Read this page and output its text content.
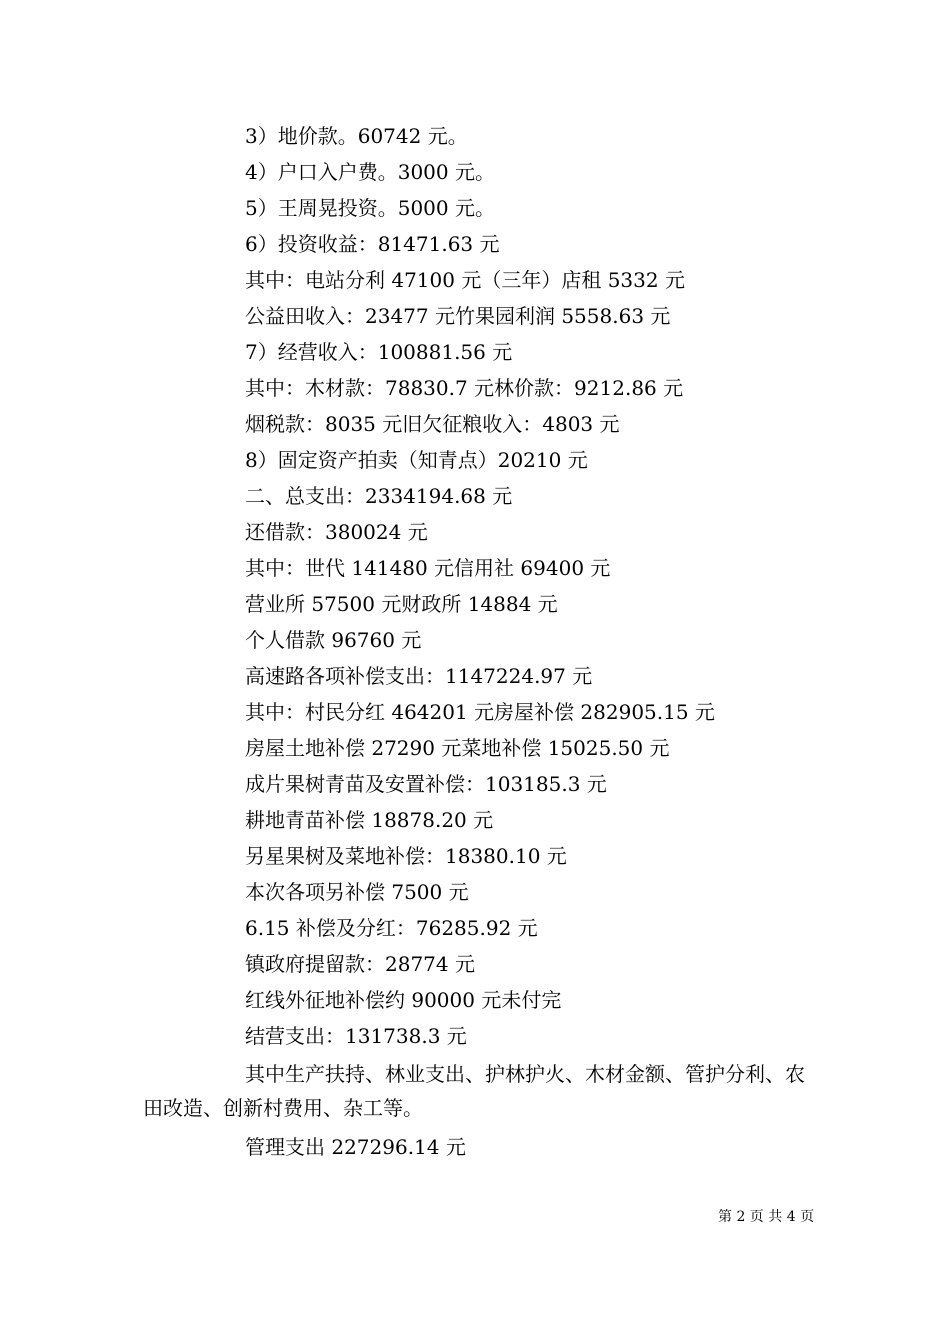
3）地价款。60742 元。
4）户口入户费。3000 元。
5）王周晃投资。5000 元。
6）投资收益：81471.63 元
其中：电站分利 47100 元（三年）店租 5332 元
公益田收入：23477 元竹果园利润 5558.63 元
7）经营收入：100881.56 元
其中：木材款：78830.7 元林价款：9212.86 元
烟税款：8035 元旧欠征粮收入：4803 元
8）固定资产拍卖（知青点）20210 元
二、总支出：2334194.68 元
还借款：380024 元
其中：世代 141480 元信用社 69400 元
营业所 57500 元财政所 14884 元
个人借款 96760 元
高速路各项补偿支出：1147224.97 元
其中：村民分红 464201 元房屋补偿 282905.15 元
房屋土地补偿 27290 元菜地补偿 15025.50 元
成片果树青苗及安置补偿：103185.3 元
耕地青苗补偿 18878.20 元
另星果树及菜地补偿：18380.10 元
本次各项另补偿 7500 元
6.15 补偿及分红：76285.92 元
镇政府提留款：28774 元
红线外征地补偿约 90000 元未付完
结营支出：131738.3 元

其中生产扶持、林业支出、护林护火、木材金额、管护分利、农田改造、创新村费用、杂工等。

管理支出 227296.14 元
第 2 页 共 4 页
